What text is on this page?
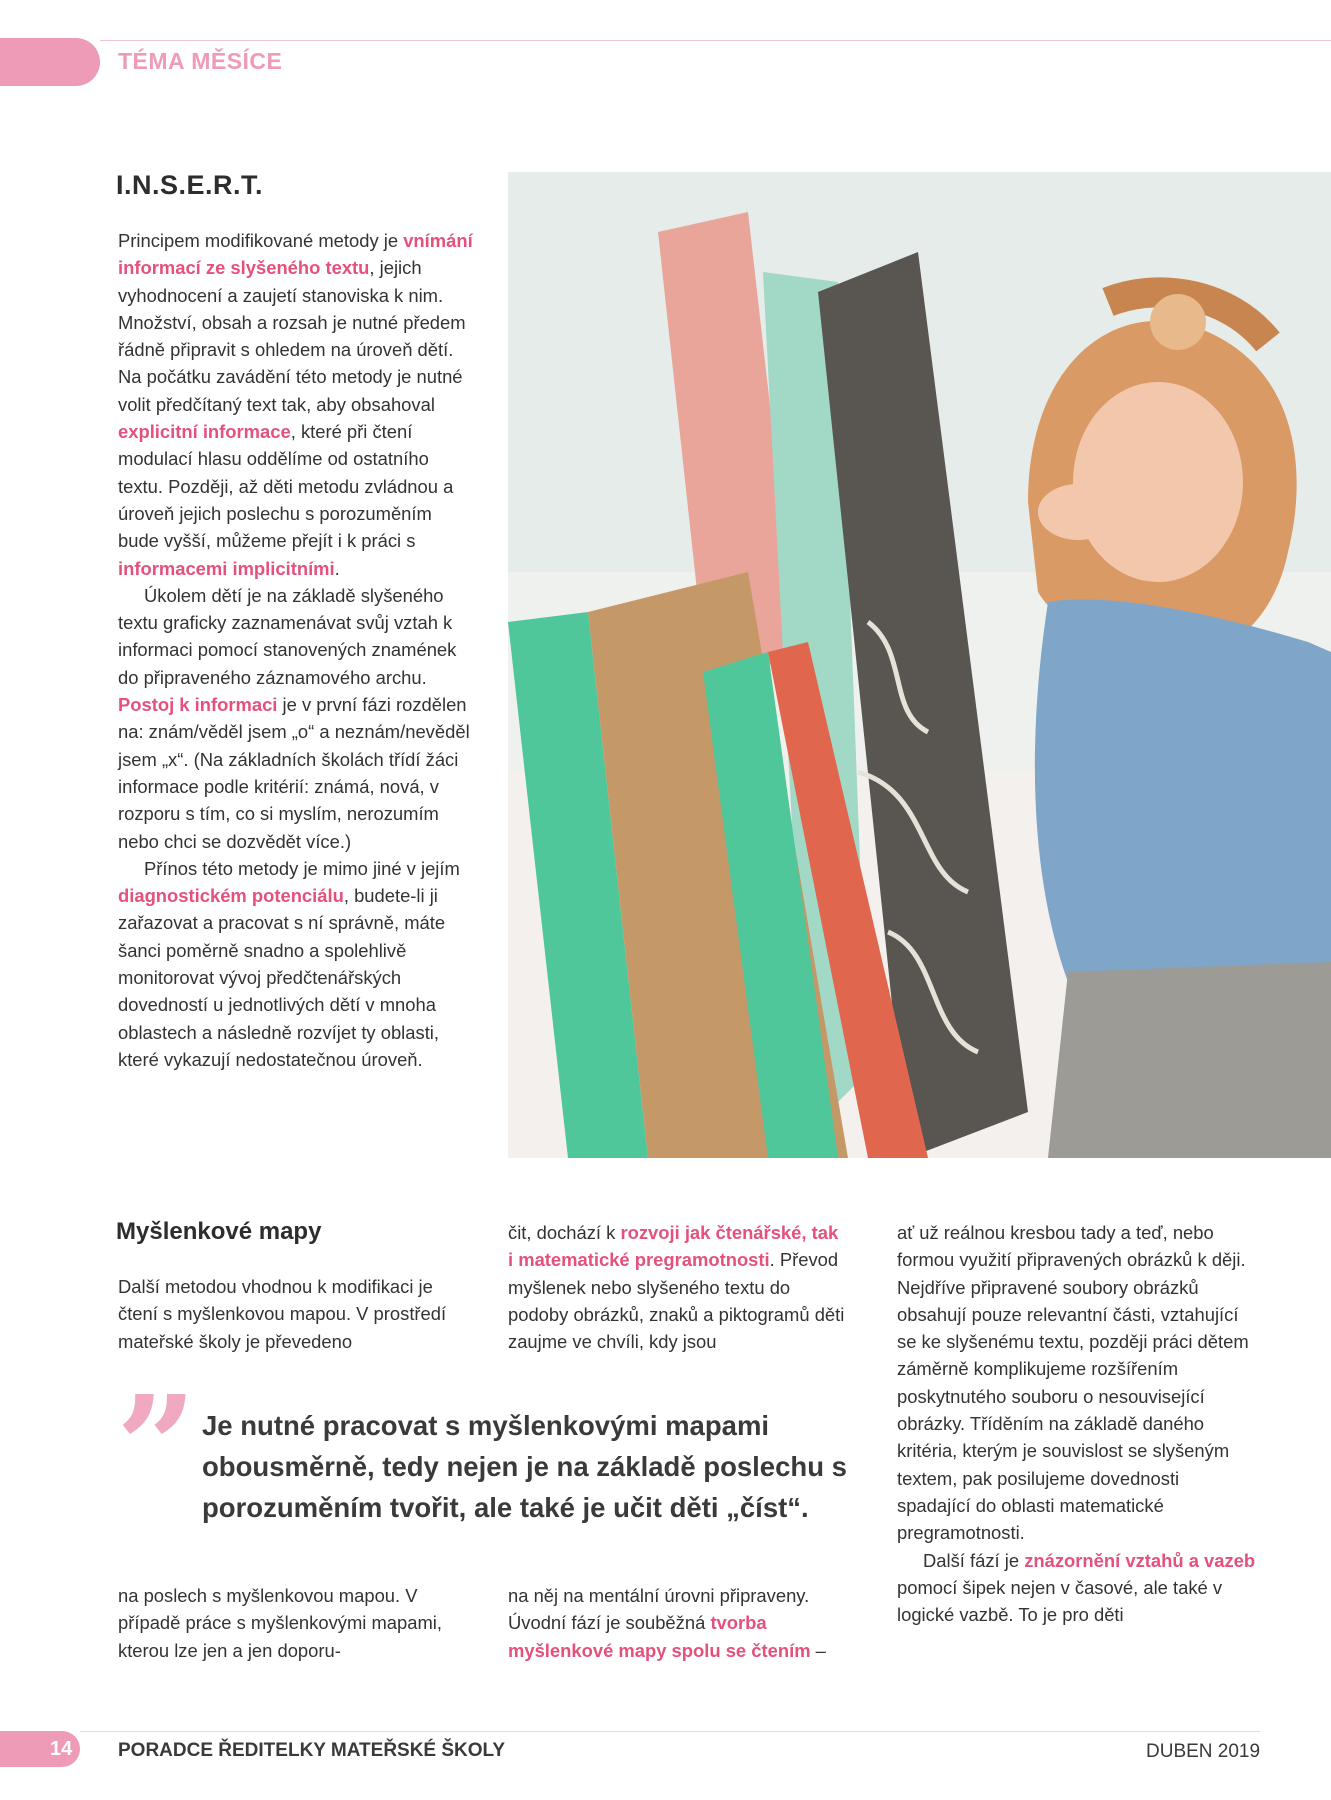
TÉMA MĚSÍCE
I.N.S.E.R.T.

Principem modifikované metody je vnímání informací ze slyšeného textu, jejich vyhodnocení a zaujetí stanoviska k nim. Množství, obsah a rozsah je nutné předem řádně připravit s ohledem na úroveň dětí. Na počátku zavádění této metody je nutné volit předčítaný text tak, aby obsahoval explicitní informace, které při čtení modulací hlasu oddělíme od ostatního textu. Později, až děti metodu zvládnou a úroveň jejich poslechu s porozuměním bude vyšší, můžeme přejít i k práci s informacemi implicitními.

Úkolem dětí je na základě slyšeného textu graficky zaznamenávat svůj vztah k informaci pomocí stanovených znamének do připraveného záznamového archu. Postoj k informaci je v první fázi rozdělen na: znám/věděl jsem „o“ a neznám/nevěděl jsem „x“. (Na základních školách třídí žáci informace podle kritérií: známá, nová, v rozporu s tím, co si myslím, nerozumím nebo chci se dozvědět více.)

Přínos této metody je mimo jiné v jejím diagnostickém potenciálu, budete-li ji zařazovat a pracovat s ní správně, máte šanci poměrně snadno a spolehlivě monitorovat vývoj předčtenářských dovedností u jednotlivých dětí v mnoha oblastech a následně rozvíjet ty oblasti, které vykazují nedostatečnou úroveň.

Myšlenkové mapy

Další metodou vhodnou k modifikaci je čtení s myšlenkovou mapou. V prostředí mateřské školy je převedeno

čit, dochází k rozvoji jak čtenářské, tak i matematické pregramotnosti. Převod myšlenek nebo slyšeného textu do podoby obrázků, znaků a piktogramů děti zaujme ve chvíli, kdy jsou

ať už reálnou kresbou tady a teď, nebo formou využití připravených obrázků k ději. Nejdříve připravené soubory obrázků obsahují pouze relevantní části, vztahující se ke slyšenému textu, později práci dětem záměrně komplikujeme rozšířením poskytnutého souboru o nesouvisející obrázky. Tříděním na základě daného kritéria, kterým je souvislost se slyšeným textem, pak posilujeme dovednosti spadající do oblasti matematické pregramotnosti.

Další fází je znázornění vztahů a vazeb pomocí šipek nejen v časové, ale také v logické vazbě. To je pro děti

” Je nutné pracovat s myšlenkovými mapami obousměrně, tedy nejen je na základě poslechu s porozuměním tvořit, ale také je učit děti „číst“.

na poslech s myšlenkovou mapou. V případě práce s myšlenkovými mapami, kterou lze jen a jen doporu-

na něj na mentální úrovni připraveny. Úvodní fází je souběžná tvorba myšlenkové mapy spolu se čtením –

14 PORADCE ŘEDITELKY MATEŘSKÉ ŠKOLY	DUBEN 2019
